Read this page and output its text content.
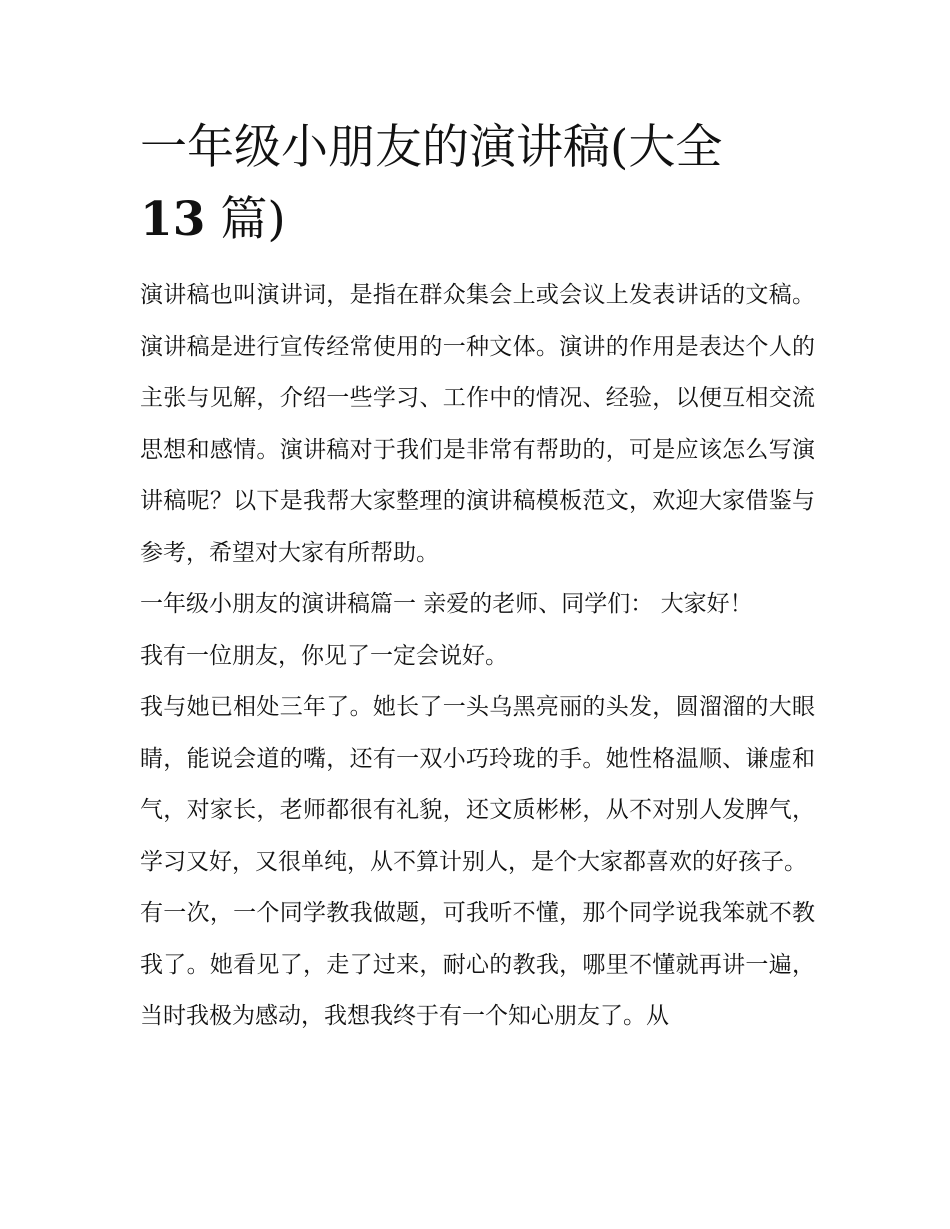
一年级小朋友的演讲稿(大全
13 篇)

演讲稿也叫演讲词，是指在群众集会上或会议上发表讲话的文稿。演讲稿是进行宣传经常使用的一种文体。演讲的作用是表达个人的主张与见解，介绍一些学习、工作中的情况、经验，以便互相交流思想和感情。演讲稿对于我们是非常有帮助的，可是应该怎么写演讲稿呢？以下是我帮大家整理的演讲稿模板范文，欢迎大家借鉴与参考，希望对大家有所帮助。

一年级小朋友的演讲稿篇一 亲爱的老师、同学们： 大家好！

我有一位朋友，你见了一定会说好。

我与她已相处三年了。她长了一头乌黑亮丽的头发，圆溜溜的大眼睛，能说会道的嘴，还有一双小巧玲珑的手。她性格温顺、谦虚和气，对家长，老师都很有礼貌，还文质彬彬，从不对别人发脾气，学习又好，又很单纯，从不算计别人，是个大家都喜欢的好孩子。

有一次，一个同学教我做题，可我听不懂，那个同学说我笨就不教我了。她看见了，走了过来，耐心的教我，哪里不懂就再讲一遍，当时我极为感动，我想我终于有一个知心朋友了。从
